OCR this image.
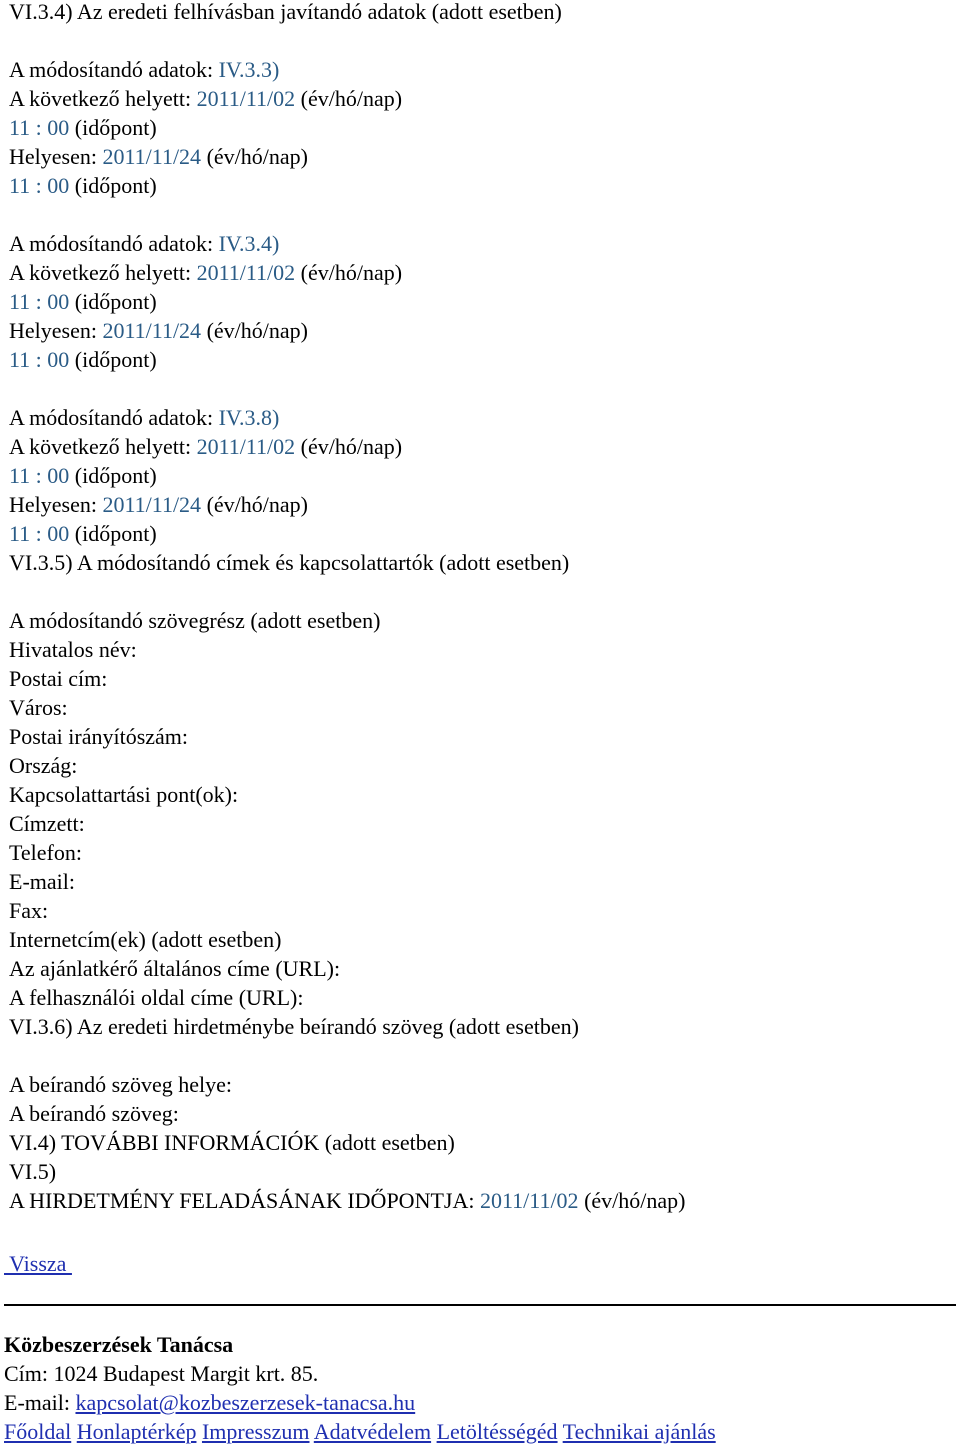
VI.3.4) Az eredeti felhívásban javítandó adatok (adott esetben)
A módosítandó adatok: IV.3.3)
A következő helyett: 2011/11/02 (év/hó/nap)
11 : 00 (időpont)
Helyesen: 2011/11/24 (év/hó/nap)
11 : 00 (időpont)
A módosítandó adatok: IV.3.4)
A következő helyett: 2011/11/02 (év/hó/nap)
11 : 00 (időpont)
Helyesen: 2011/11/24 (év/hó/nap)
11 : 00 (időpont)
A módosítandó adatok: IV.3.8)
A következő helyett: 2011/11/02 (év/hó/nap)
11 : 00 (időpont)
Helyesen: 2011/11/24 (év/hó/nap)
11 : 00 (időpont)
VI.3.5) A módosítandó címek és kapcsolattartók (adott esetben)
A módosítandó szövegrész (adott esetben)
Hivatalos név:
Postai cím:
Város:
Postai irányítószám:
Ország:
Kapcsolattartási pont(ok):
Címzett:
Telefon:
E-mail:
Fax:
Internetcím(ek) (adott esetben)
Az ajánlatkérő általános címe (URL):
A felhasználói oldal címe (URL):
VI.3.6) Az eredeti hirdetménybe beírandó szöveg (adott esetben)
A beírandó szöveg helye:
A beírandó szöveg:
VI.4) TOVÁBBI INFORMÁCIÓK (adott esetben)
VI.5)
A HIRDETMÉNY FELADÁSÁNAK IDŐPONTJA: 2011/11/02 (év/hó/nap)
Vissza
Közbeszerzések Tanácsa
Cím: 1024 Budapest Margit krt. 85.
E-mail: kapcsolat@kozbeszerzesek-tanacsa.hu
Főoldal Honlaptérkép Impresszum Adatvédelem Letöltésségéd Technikai ajánlás
